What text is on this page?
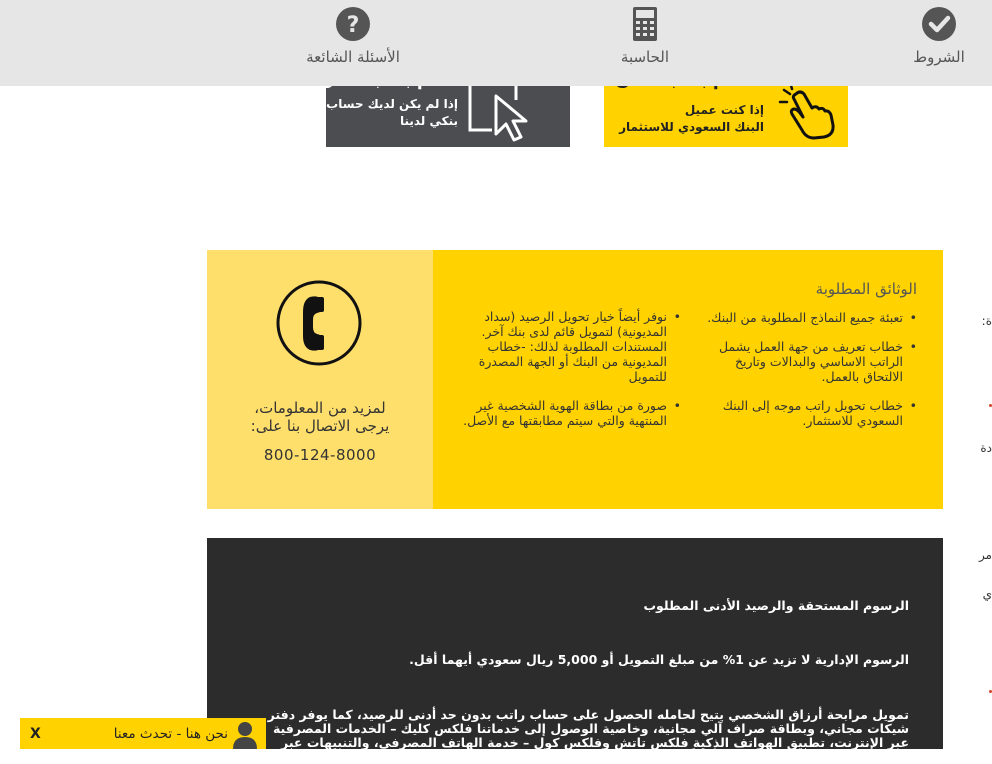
الشروط
الحاسبة
?
الأسئلة الشائعة
إذا لم يكن لديك حساب
بنكي لدينا
إذا كنت عميل
البنك السعودي للاستثمار
لمزيد من المعلومات،
يرجى الاتصال بنا على:
800-124-8000
الوثائق المطلوبة
• تعبئة جميع النماذج المطلوبة من البنك.
• خطاب تعريف من جهة العمل يشمل الراتب الاساسي والبدالات وتاريخ الالتحاق بالعمل.
• خطاب تحويل راتب موجه إلى البنك السعودي للاستثمار.
• نوفر أيضاً خيار تحويل الرصيد (سداد المديونية) لتمويل قائم لدى بنك آخر. المستندات المطلوبة لذلك: -خطاب المديونية من البنك أو الجهة المصدرة للتمويل
• صورة من بطاقة الهوية الشخصية غير المنتهية والتي سيتم مطابقتها مع الأصل.

الرسوم المستحقة والرصيد الأدنى المطلوب

الرسوم الإدارية لا تزيد عن 1% من مبلغ التمويل أو 5,000 ريال سعودي أيهما أقل.

تمويل مرابحة أرزاق الشخصي يتيح لحامله الحصول على حساب راتب بدون حد أدنى للرصيد، كما يوفر دفتر شيكات مجاني، وبطاقة صراف آلي مجانية، وخاصية الوصول إلى خدماتنا فلكس كليك – الخدمات المصرفية عبر الإنترنت، تطبيق الهواتف الذكية فلكس تاتش وفلكس كول – خدمة الهاتف المصرفي، والتنبيهات عبر الرسائل القصيرة بشكل مجاني أيضاً.

ة:
دة
مر
ي
X	نحن هنا - تحدث معنا
